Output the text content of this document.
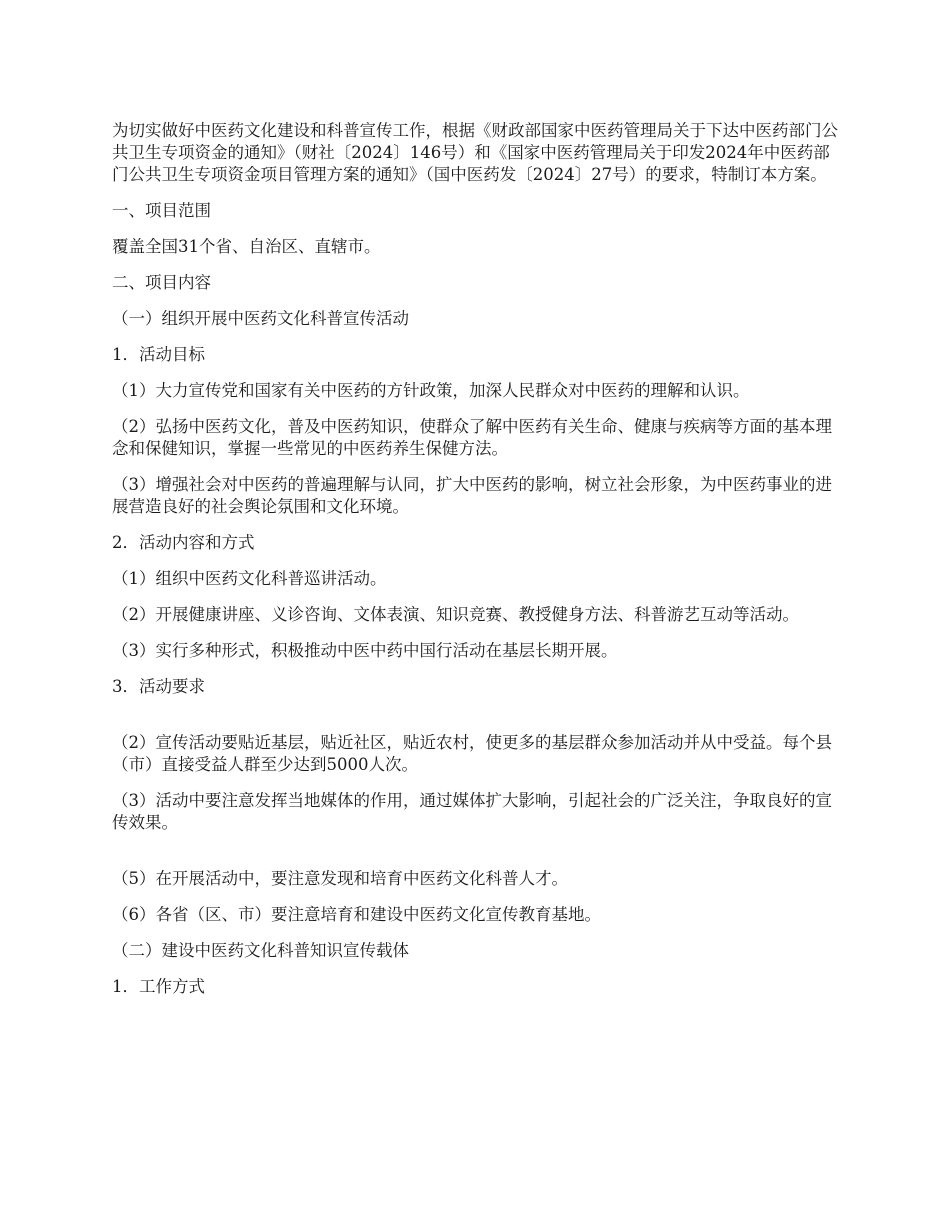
为切实做好中医药文化建设和科普宣传工作，根据《财政部国家中医药管理局关于下达中医药部门公共卫生专项资金的通知》（财社〔2024〕146号）和《国家中医药管理局关于印发2024年中医药部门公共卫生专项资金项目管理方案的通知》（国中医药发〔2024〕27号）的要求，特制订本方案。

一、项目范围

覆盖全国31个省、自治区、直辖市。

二、项目内容

（一）组织开展中医药文化科普宣传活动

1．活动目标

（1）大力宣传党和国家有关中医药的方针政策，加深人民群众对中医药的理解和认识。

（2）弘扬中医药文化，普及中医药知识，使群众了解中医药有关生命、健康与疾病等方面的基本理念和保健知识，掌握一些常见的中医药养生保健方法。

（3）增强社会对中医药的普遍理解与认同，扩大中医药的影响，树立社会形象，为中医药事业的进展营造良好的社会舆论氛围和文化环境。

2．活动内容和方式

（1）组织中医药文化科普巡讲活动。

（2）开展健康讲座、义诊咨询、文体表演、知识竞赛、教授健身方法、科普游艺互动等活动。

（3）实行多种形式，积极推动中医中药中国行活动在基层长期开展。

3．活动要求

（2）宣传活动要贴近基层，贴近社区，贴近农村，使更多的基层群众参加活动并从中受益。每个县（市）直接受益人群至少达到5000人次。

（3）活动中要注意发挥当地媒体的作用，通过媒体扩大影响，引起社会的广泛关注，争取良好的宣传效果。

（5）在开展活动中，要注意发现和培育中医药文化科普人才。

（6）各省（区、市）要注意培育和建设中医药文化宣传教育基地。

（二）建设中医药文化科普知识宣传载体

1．工作方式
